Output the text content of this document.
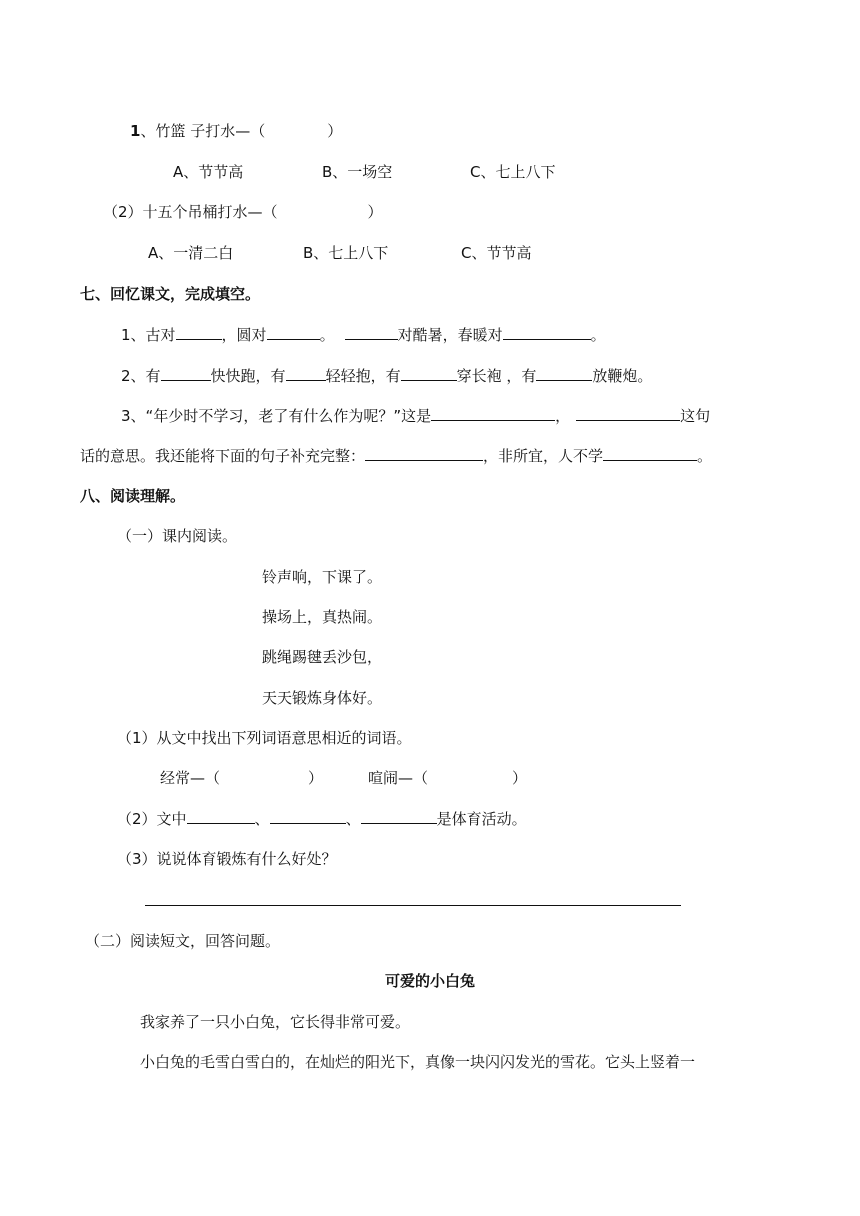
1、竹篮 子打水—（	）
A、节节高	B、一场空	C、七上八下
（2）十五个吊桶打水—（	）
A、一清二白	B、七上八下	C、节节高
七、回忆课文，完成填空。
1、古对	，圆对	。	对酷暑，春暖对	。
2、有	快快跑，有	轻轻抱，有	穿长袍 ，有	放鞭炮。
3、“年少时不学习，老了有什么作为呢？”这是	，	这句
话的意思。我还能将下面的句子补充完整：	，非所宜，人不学	。
八、阅读理解。
（一）课内阅读。
铃声响，下课了。
操场上，真热闹。
跳绳踢毽丢沙包，
天天锻炼身体好。
（1）从文中找出下列词语意思相近的词语。
经常—（	）	喧闹—（	）
（2）文中	、	、	是体育活动。
（3）说说体育锻炼有什么好处？
（二）阅读短文，回答问题。
可爱的小白兔
我家养了一只小白兔，它长得非常可爱。
小白兔的毛雪白雪白的，在灿烂的阳光下，真像一块闪闪发光的雪花。它头上竖着一
